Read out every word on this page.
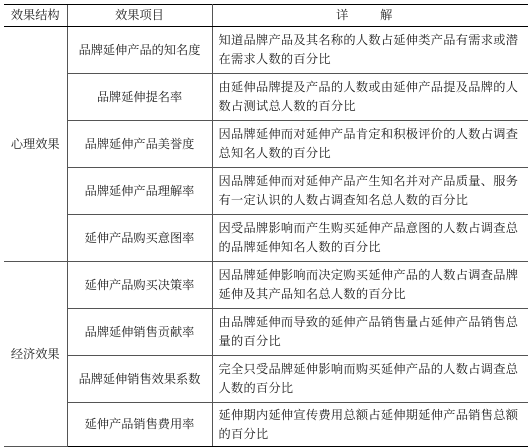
效果结构	效果项目	详 解
心理效果	品牌延伸产品的知名度	知道品牌产品及其名称的人数占延伸类产品有需求或潜在需求人数的百分比
	品牌延伸提名率	由延伸品牌提及产品的人数或由延伸产品提及品牌的人数占测试总人数的百分比
	品牌延伸产品美誉度	因品牌延伸而对延伸产品肯定和积极评价的人数占调查总知名人数的百分比
	品牌延伸产品理解率	因品牌延伸而对延伸产品产生知名并对产品质量、服务有一定认识的人数占调查知名总人数的百分比
	延伸产品购买意图率	因受品牌影响而产生购买延伸产品意图的人数占调查总的品牌延伸知名人数的百分比
经济效果	延伸产品购买决策率	因品牌延伸影响而决定购买延伸产品的人数占调查品牌延伸及其产品知名总人数的百分比
	品牌延伸销售贡献率	由品牌延伸而导致的延伸产品销售量占延伸产品销售总量的百分比
	品牌延伸销售效果系数	完全只受品牌延伸影响而购买延伸产品的人数占调查总人数的百分比
	延伸产品销售费用率	延伸期内延伸宣传费用总额占延伸期延伸产品销售总额的百分比
